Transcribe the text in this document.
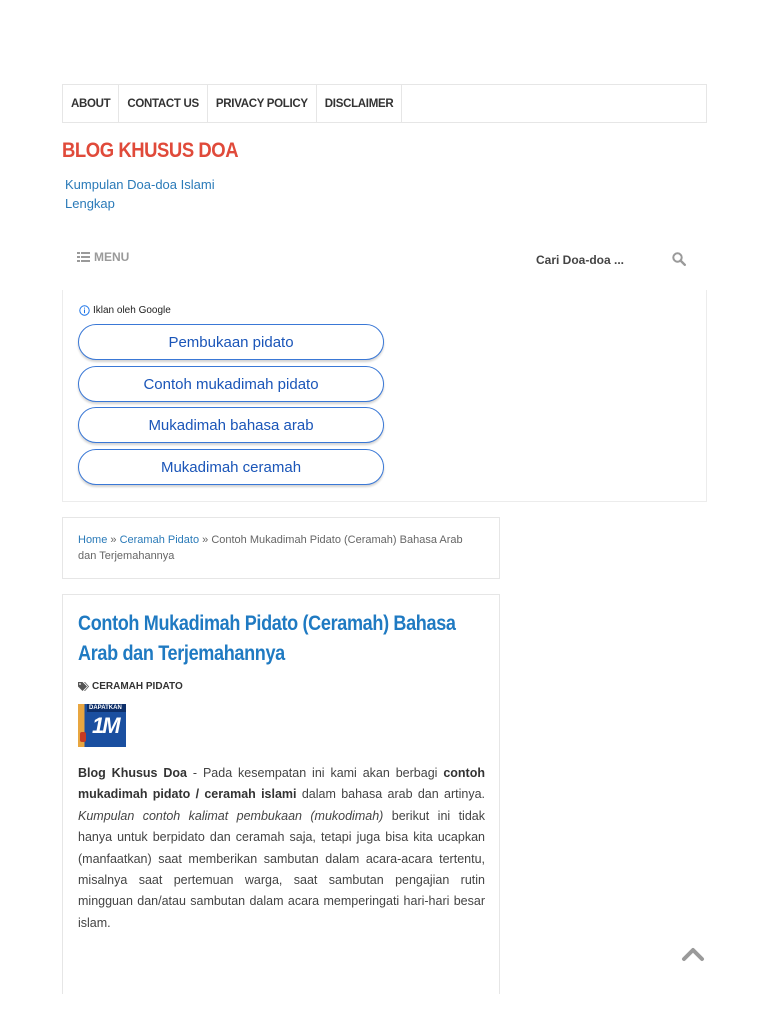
ABOUT	CONTACT US	PRIVACY POLICY	DISCLAIMER
BLOG KHUSUS DOA
Kumpulan Doa-doa Islami Lengkap
MENU
Cari Doa-doa ...
Iklan oleh Google
Pembukaan pidato
Contoh mukadimah pidato
Mukadimah bahasa arab
Mukadimah ceramah
Home » Ceramah Pidato » Contoh Mukadimah Pidato (Ceramah) Bahasa Arab dan Terjemahannya
Contoh Mukadimah Pidato (Ceramah) Bahasa Arab dan Terjemahannya
CERAMAH PIDATO
DAPATKAN
1M
Blog Khusus Doa - Pada kesempatan ini kami akan berbagi contoh mukadimah pidato / ceramah islami dalam bahasa arab dan artinya. Kumpulan contoh kalimat pembukaan (mukodimah) berikut ini tidak hanya untuk berpidato dan ceramah saja, tetapi juga bisa kita ucapkan (manfaatkan) saat memberikan sambutan dalam acara-acara tertentu, misalnya saat pertemuan warga, saat sambutan pengajian rutin mingguan dan/atau sambutan dalam acara memperingati hari-hari besar islam.
